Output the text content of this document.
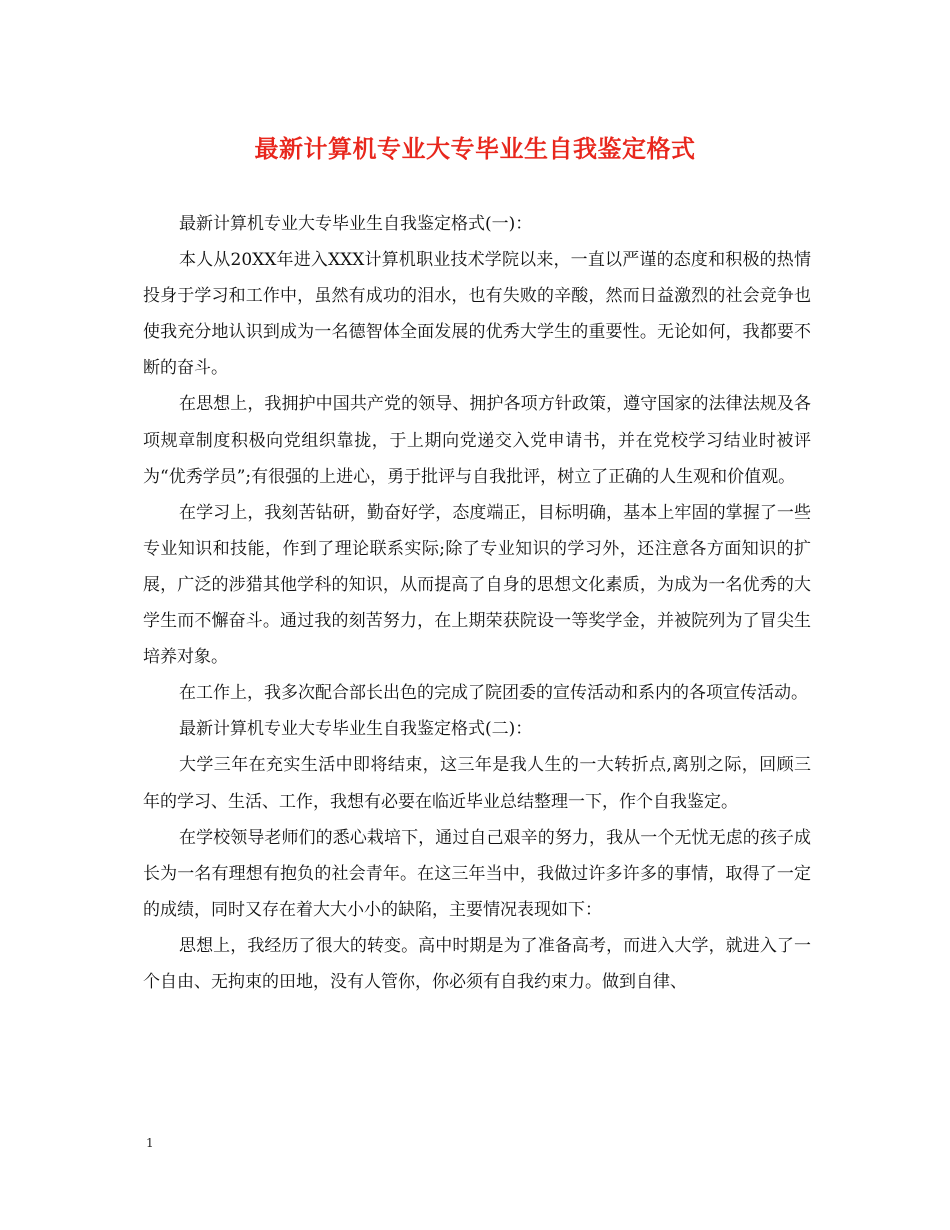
最新计算机专业大专毕业生自我鉴定格式

最新计算机专业大专毕业生自我鉴定格式(一)：

本人从20XX年进入XXX计算机职业技术学院以来，一直以严谨的态度和积极的热情投身于学习和工作中，虽然有成功的泪水，也有失败的辛酸，然而日益激烈的社会竞争也使我充分地认识到成为一名德智体全面发展的优秀大学生的重要性。无论如何，我都要不断的奋斗。

在思想上，我拥护中国共产党的领导、拥护各项方针政策，遵守国家的法律法规及各项规章制度积极向党组织靠拢，于上期向党递交入党申请书，并在党校学习结业时被评为“优秀学员”;有很强的上进心，勇于批评与自我批评，树立了正确的人生观和价值观。

在学习上，我刻苦钻研，勤奋好学，态度端正，目标明确，基本上牢固的掌握了一些专业知识和技能，作到了理论联系实际;除了专业知识的学习外，还注意各方面知识的扩展，广泛的涉猎其他学科的知识，从而提高了自身的思想文化素质，为成为一名优秀的大学生而不懈奋斗。通过我的刻苦努力，在上期荣获院设一等奖学金，并被院列为了冒尖生培养对象。

在工作上，我多次配合部长出色的完成了院团委的宣传活动和系内的各项宣传活动。

最新计算机专业大专毕业生自我鉴定格式(二)：

大学三年在充实生活中即将结束，这三年是我人生的一大转折点,离别之际，回顾三年的学习、生活、工作，我想有必要在临近毕业总结整理一下，作个自我鉴定。

在学校领导老师们的悉心栽培下，通过自己艰辛的努力，我从一个无忧无虑的孩子成长为一名有理想有抱负的社会青年。在这三年当中，我做过许多许多的事情，取得了一定的成绩，同时又存在着大大小小的缺陷，主要情况表现如下：

思想上，我经历了很大的转变。高中时期是为了准备高考，而进入大学，就进入了一个自由、无拘束的田地，没有人管你，你必须有自我约束力。做到自律、

1
